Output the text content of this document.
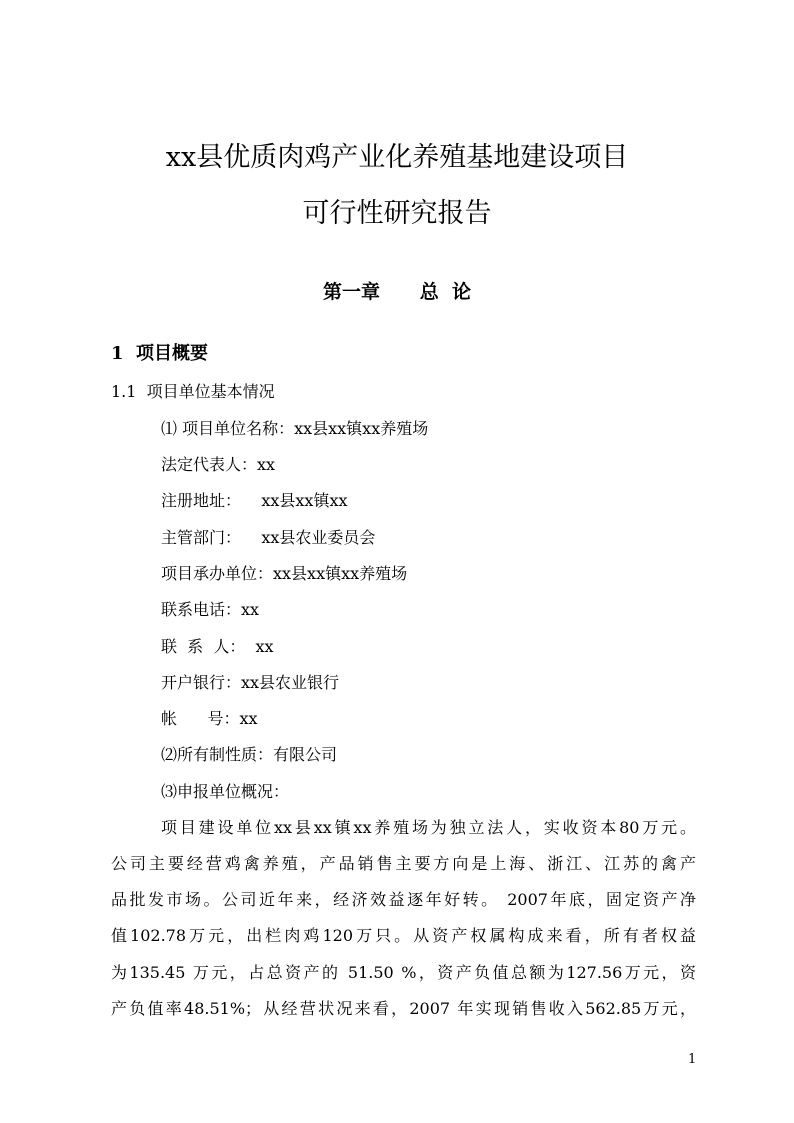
xx县优质肉鸡产业化养殖基地建设项目
可行性研究报告
第一章      总  论
1  项目概要
1.1  项目单位基本情况
⑴ 项目单位名称：xx县xx镇xx养殖场
法定代表人：xx
注册地址：    xx县xx镇xx
主管部门：    xx县农业委员会
项目承办单位：xx县xx镇xx养殖场
联系电话：xx
联  系  人：  xx
开户银行：xx县农业银行
帐      号：xx
⑵所有制性质：有限公司
⑶申报单位概况：
项目建设单位xx县xx镇xx养殖场为独立法人，实收资本80万元。
公司主要经营鸡禽养殖，产品销售主要方向是上海、浙江、江苏的禽产
品批发市场。公司近年来，经济效益逐年好转。 2007年底，固定资产净
值102.78万元，出栏肉鸡120万只。从资产权属构成来看，所有者权益
为135.45 万元，占总资产的 51.50 %，资产负值总额为127.56万元，资
产负值率48.51%；从经营状况来看，2007 年实现销售收入562.85万元，
1
